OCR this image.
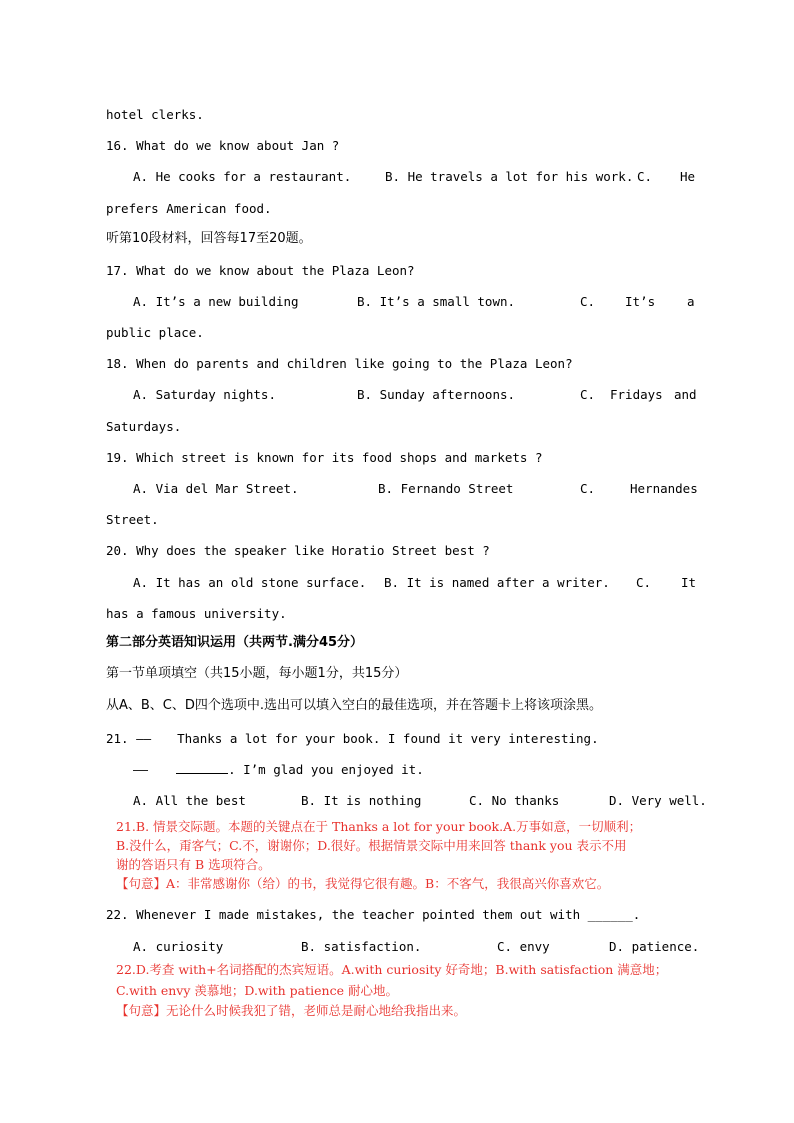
hotel clerks.
16. What do we know about Jan ?
A. He cooks for a restaurant.	B. He travels a lot for his work. C. He
prefers American food.
听第10段材料，回答每17至20题。
17. What do we know about the Plaza Leon?
A. It’s a new building	B. It’s a small town.	C. It’s	a
public place.
18. When do parents and children like going to the Plaza Leon?
A. Saturday nights.	B. Sunday afternoons.	C. Fridays and
Saturdays.
19. Which street is known for its food shops and markets ?
A. Via del Mar Street.	B. Fernando Street	C.	Hernandes
Street.
20. Why does the speaker like Horatio Street best ?
A. It has an old stone surface. B. It is named after a writer. C. It
has a famous university.
第二部分英语知识运用（共两节.满分45分）
第一节单项填空（共15小题，每小题1分，共15分）
从A、B、C、D四个选项中.选出可以填入空白的最佳选项，并在答题卡上将该项涂黑。
21. —— Thanks a lot for your book. I found it very interesting.
——	. I’m glad you enjoyed it.
A. All the best	B. It is nothing	C. No thanks	D. Very well.
21.B. 情景交际题。本题的关键点在于 Thanks a lot for your book.A.万事如意，一切顺利；
B.没什么，甭客气；C.不，谢谢你；D.很好。根据情景交际中用来回答 thank you 表示不用
谢的答语只有 B 选项符合。
【句意】A：非常感谢你（给）的书，我觉得它很有趣。B：不客气，我很高兴你喜欢它。
22. Whenever I made mistakes, the teacher pointed them out with ______.
A. curiosity	B. satisfaction.	C. envy	D. patience.
22.D.考查 with+名词搭配的杰宾短语。A.with curiosity 好奇地；B.with satisfaction 满意地；
C.with envy 羡慕地；D.with patience 耐心地。
【句意】无论什么时候我犯了错，老师总是耐心地给我指出来。
